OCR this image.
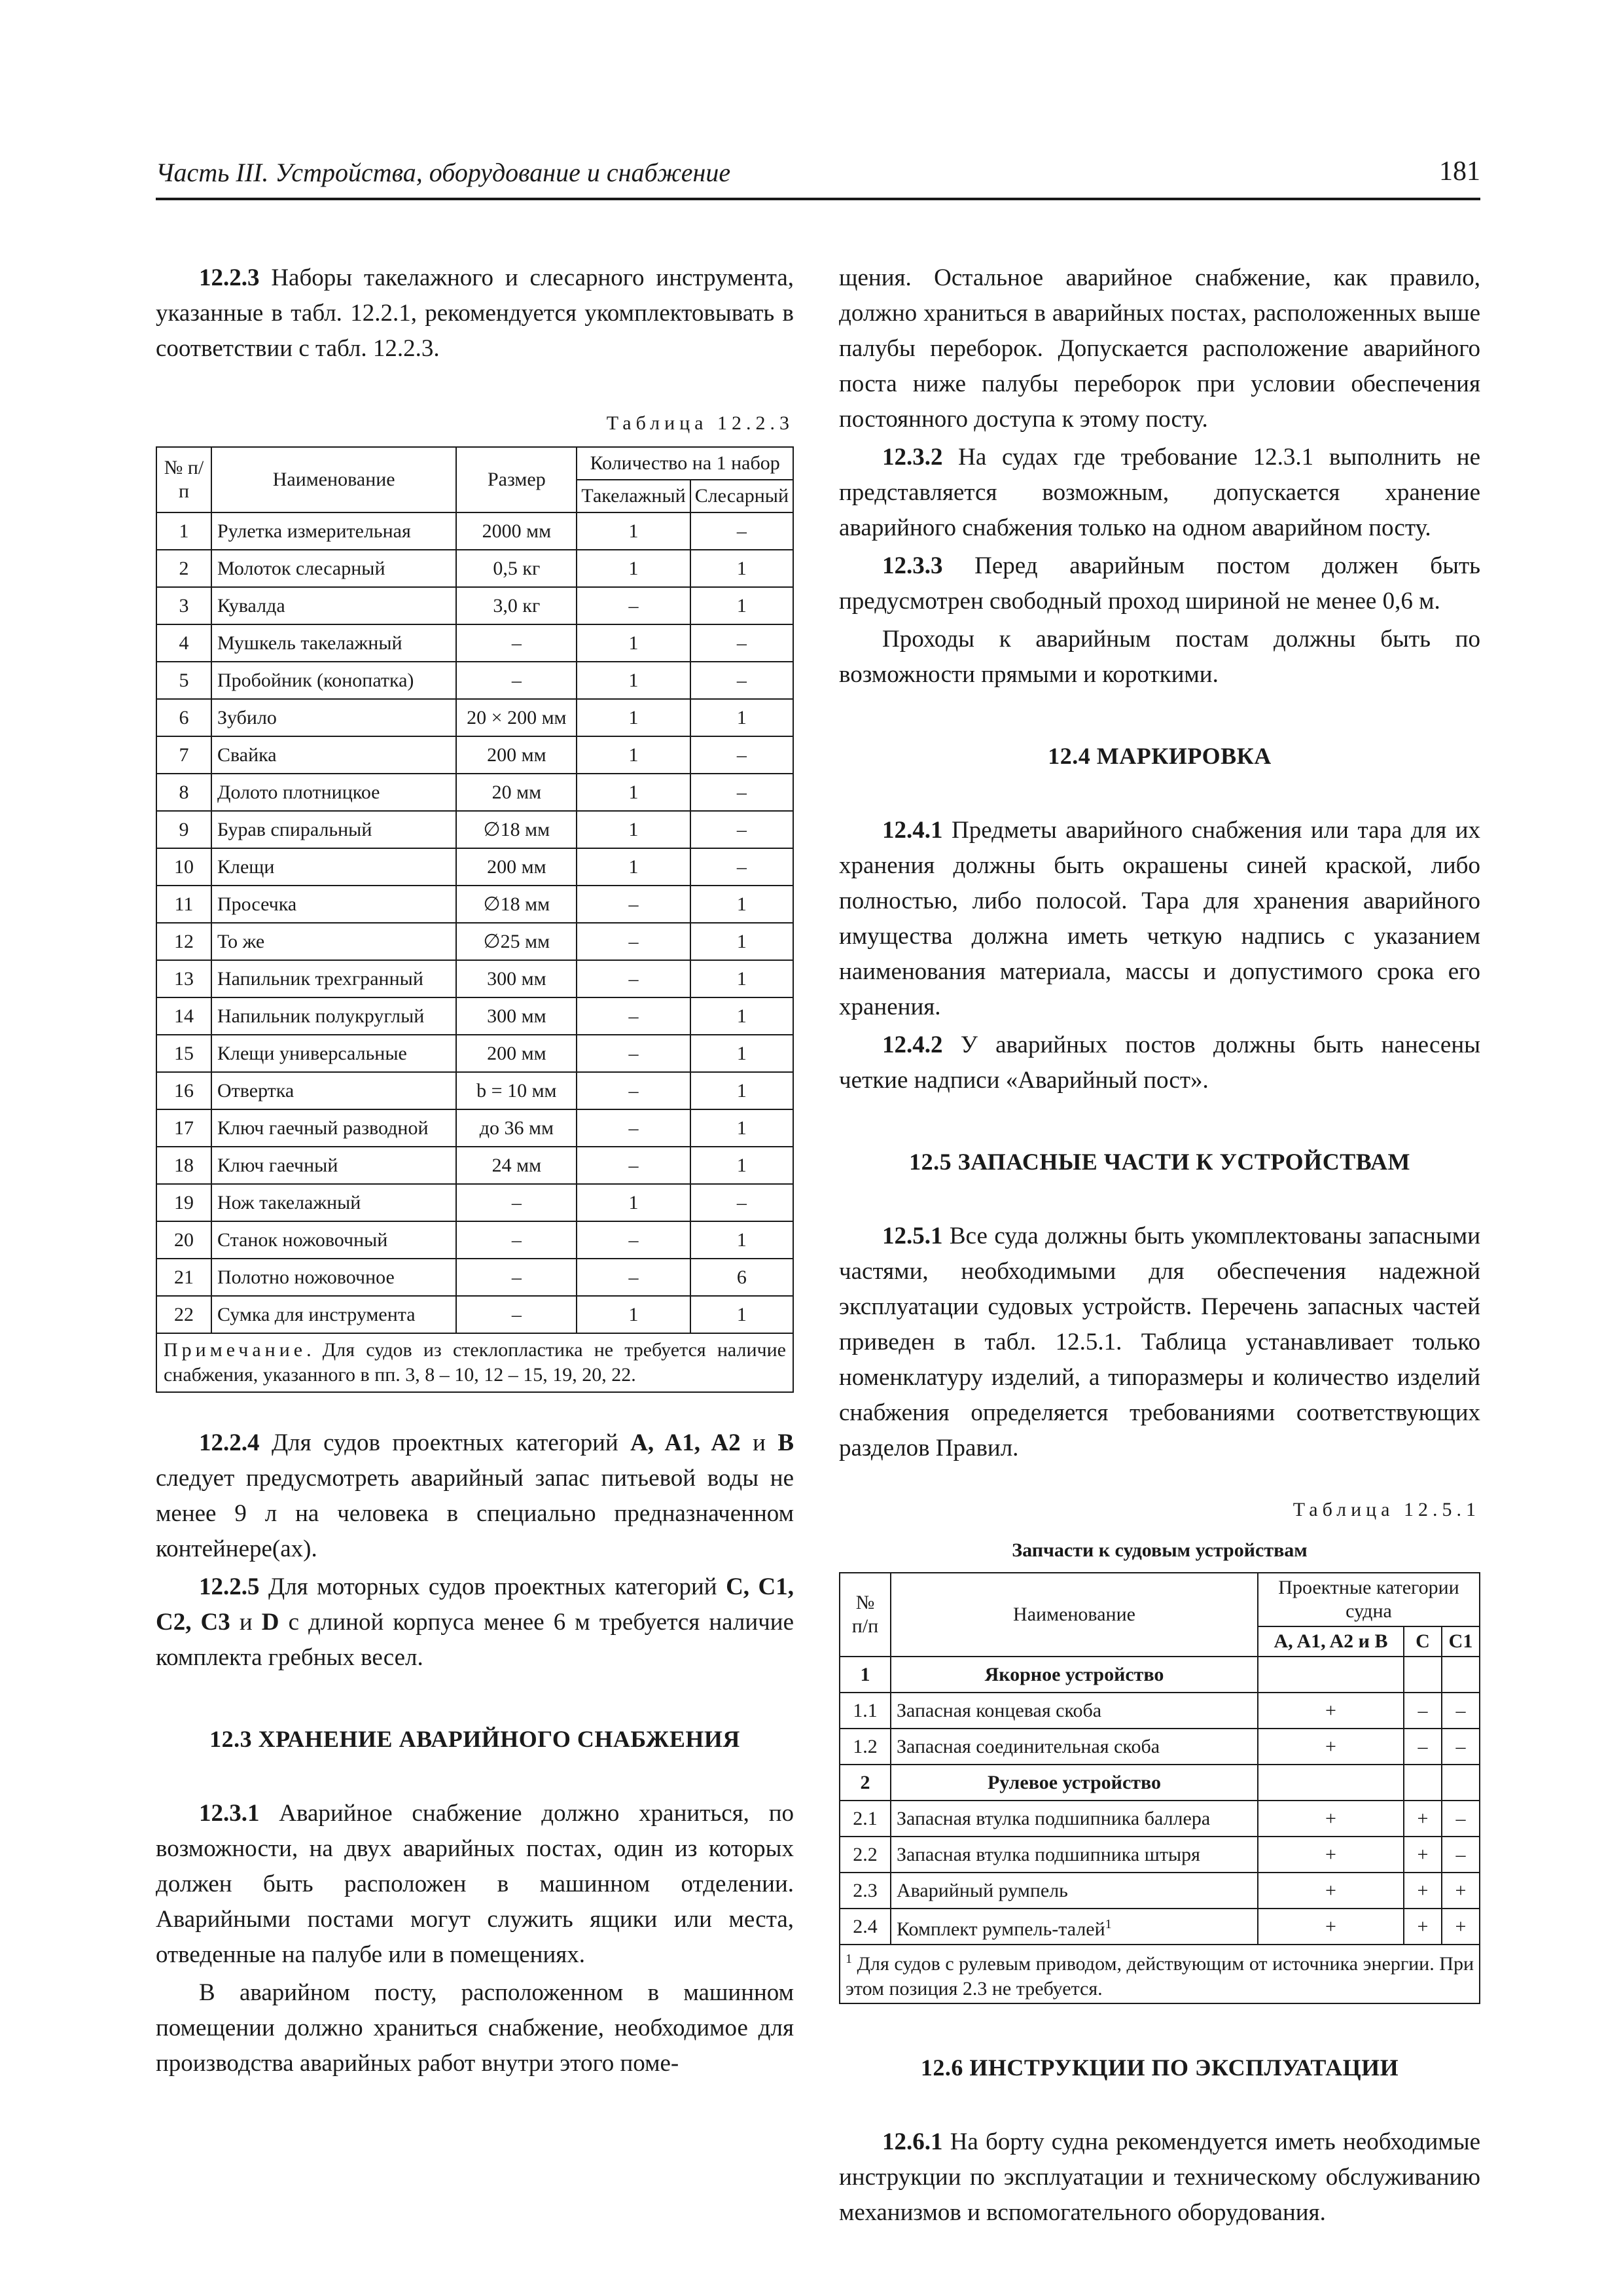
Часть III. Устройства, оборудование и снабжение	181

12.2.3 Наборы такелажного и слесарного инструмента, указанные в табл. 12.2.1, рекомендуется укомплектовывать в соответствии с табл. 12.2.3.

Таблица 12.2.3
№ п/п	Наименование	Размер	Количество на 1 набор	
			Такелажный	Слесарный
1	Рулетка измерительная	2000 мм	1	–
2	Молоток слесарный	0,5 кг	1	1
3	Кувалда	3,0 кг	–	1
4	Мушкель такелажный	–	1	–
5	Пробойник (конопатка)	–	1	–
6	Зубило	20 × 200 мм	1	1
7	Свайка	200 мм	1	–
8	Долото плотницкое	20 мм	1	–
9	Бурав спиральный	∅18 мм	1	–
10	Клещи	200 мм	1	–
11	Просечка	∅18 мм	–	1
12	То же	∅25 мм	–	1
13	Напильник трехгранный	300 мм	–	1
14	Напильник полукруглый	300 мм	–	1
15	Клещи универсальные	200 мм	–	1
16	Отвертка	b = 10 мм	–	1
17	Ключ гаечный разводной	до 36 мм	–	1
18	Ключ гаечный	24 мм	–	1
19	Нож такелажный	–	1	–
20	Станок ножовочный	–	–	1
21	Полотно ножовочное	–	–	6
22	Сумка для инструмента	–	1	1
Примечание. Для судов из стеклопластика не требуется наличие снабжения, указанного в пп. 3, 8 – 10, 12 – 15, 19, 20, 22.				

12.2.4 Для судов проектных категорий A, A1, A2 и B следует предусмотреть аварийный запас питьевой воды не менее 9 л на человека в специально предназначенном контейнере(ах).

12.2.5 Для моторных судов проектных категорий C, C1, C2, C3 и D с длиной корпуса менее 6 м требуется наличие комплекта гребных весел.

12.3 ХРАНЕНИЕ АВАРИЙНОГО СНАБЖЕНИЯ

12.3.1 Аварийное снабжение должно храниться, по возможности, на двух аварийных постах, один из которых должен быть расположен в машинном отделении. Аварийными постами могут служить ящики или места, отведенные на палубе или в помещениях.

В аварийном посту, расположенном в машинном помещении должно храниться снабжение, необходимое для производства аварийных работ внутри этого поме-

щения. Остальное аварийное снабжение, как правило, должно храниться в аварийных постах, расположенных выше палубы переборок. Допускается расположение аварийного поста ниже палубы переборок при условии обеспечения постоянного доступа к этому посту.

12.3.2 На судах где требование 12.3.1 выполнить не представляется возможным, допускается хранение аварийного снабжения только на одном аварийном посту.

12.3.3 Перед аварийным постом должен быть предусмотрен свободный проход шириной не менее 0,6 м.

Проходы к аварийным постам должны быть по возможности прямыми и короткими.

12.4 МАРКИРОВКА

12.4.1 Предметы аварийного снабжения или тара для их хранения должны быть окрашены синей краской, либо полностью, либо полосой. Тара для хранения аварийного имущества должна иметь четкую надпись с указанием наименования материала, массы и допустимого срока его хранения.

12.4.2 У аварийных постов должны быть нанесены четкие надписи «Аварийный пост».

12.5 ЗАПАСНЫЕ ЧАСТИ К УСТРОЙСТВАМ

12.5.1 Все суда должны быть укомплектованы запасными частями, необходимыми для обеспечения надежной эксплуатации судовых устройств. Перечень запасных частей приведен в табл. 12.5.1. Таблица устанавливает только номенклатуру изделий, а типоразмеры и количество изделий снабжения определяется требованиями соответствующих разделов Правил.

Таблица 12.5.1
Запчасти к судовым устройствам
№ п/п	Наименование	Проектные категории судна		
		A, A1, A2 и B	C	C1
1	Якорное устройство			
1.1	Запасная концевая скоба	+	–	–
1.2	Запасная соединительная скоба	+	–	–
2	Рулевое устройство			
2.1	Запасная втулка подшипника баллера	+	+	–
2.2	Запасная втулка подшипника штыря	+	+	–
2.3	Аварийный румпель	+	+	+
2.4	Комплект румпель-талей$^1$	+	+	+
$^1$ Для судов с рулевым приводом, действующим от источника энергии. При этом позиция 2.3 не требуется.				
12.6 ИНСТРУКЦИИ ПО ЭКСПЛУАТАЦИИ

12.6.1 На борту судна рекомендуется иметь необходимые инструкции по эксплуатации и техническому обслуживанию механизмов и вспомогательного оборудования.
